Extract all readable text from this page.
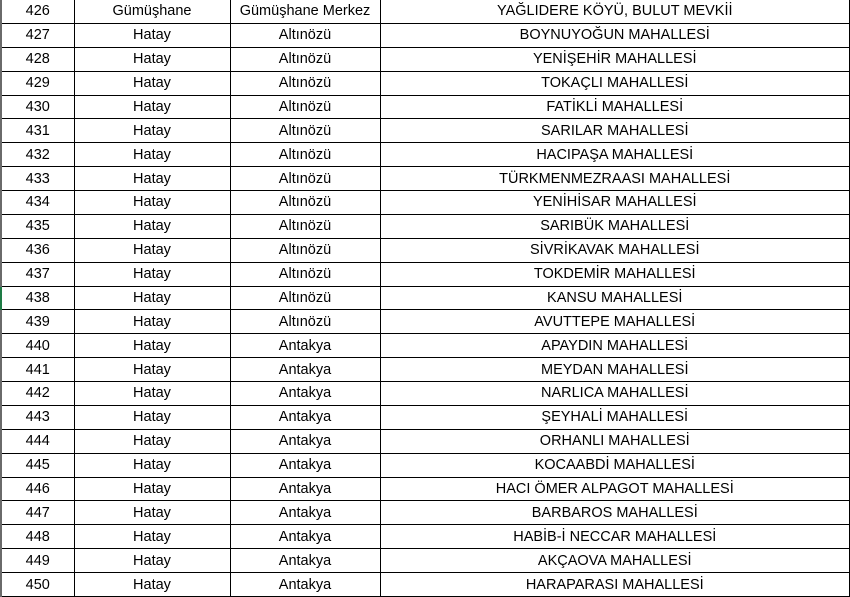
426	Gümüşhane	Gümüşhane Merkez	YAĞLIDERE KÖYÜ, BULUT MEVKİİ
427	Hatay	Altınözü	BOYNUYOĞUN MAHALLESİ
428	Hatay	Altınözü	YENİŞEHİR MAHALLESİ
429	Hatay	Altınözü	TOKAÇLI MAHALLESİ
430	Hatay	Altınözü	FATİKLİ MAHALLESİ
431	Hatay	Altınözü	SARILAR MAHALLESİ
432	Hatay	Altınözü	HACIPAŞA MAHALLESİ
433	Hatay	Altınözü	TÜRKMENMEZRAASI MAHALLESİ
434	Hatay	Altınözü	YENİHİSAR MAHALLESİ
435	Hatay	Altınözü	SARIBÜK MAHALLESİ
436	Hatay	Altınözü	SİVRİKAVAK MAHALLESİ
437	Hatay	Altınözü	TOKDEMİR MAHALLESİ
438	Hatay	Altınözü	KANSU MAHALLESİ
439	Hatay	Altınözü	AVUTTEPE MAHALLESİ
440	Hatay	Antakya	APAYDIN MAHALLESİ
441	Hatay	Antakya	MEYDAN MAHALLESİ
442	Hatay	Antakya	NARLICA MAHALLESİ
443	Hatay	Antakya	ŞEYHALİ MAHALLESİ
444	Hatay	Antakya	ORHANLI MAHALLESİ
445	Hatay	Antakya	KOCAABDİ MAHALLESİ
446	Hatay	Antakya	HACI ÖMER ALPAGOT MAHALLESİ
447	Hatay	Antakya	BARBAROS MAHALLESİ
448	Hatay	Antakya	HABİB-İ NECCAR MAHALLESİ
449	Hatay	Antakya	AKÇAOVA MAHALLESİ
450	Hatay	Antakya	HARAPARASI MAHALLESİ
